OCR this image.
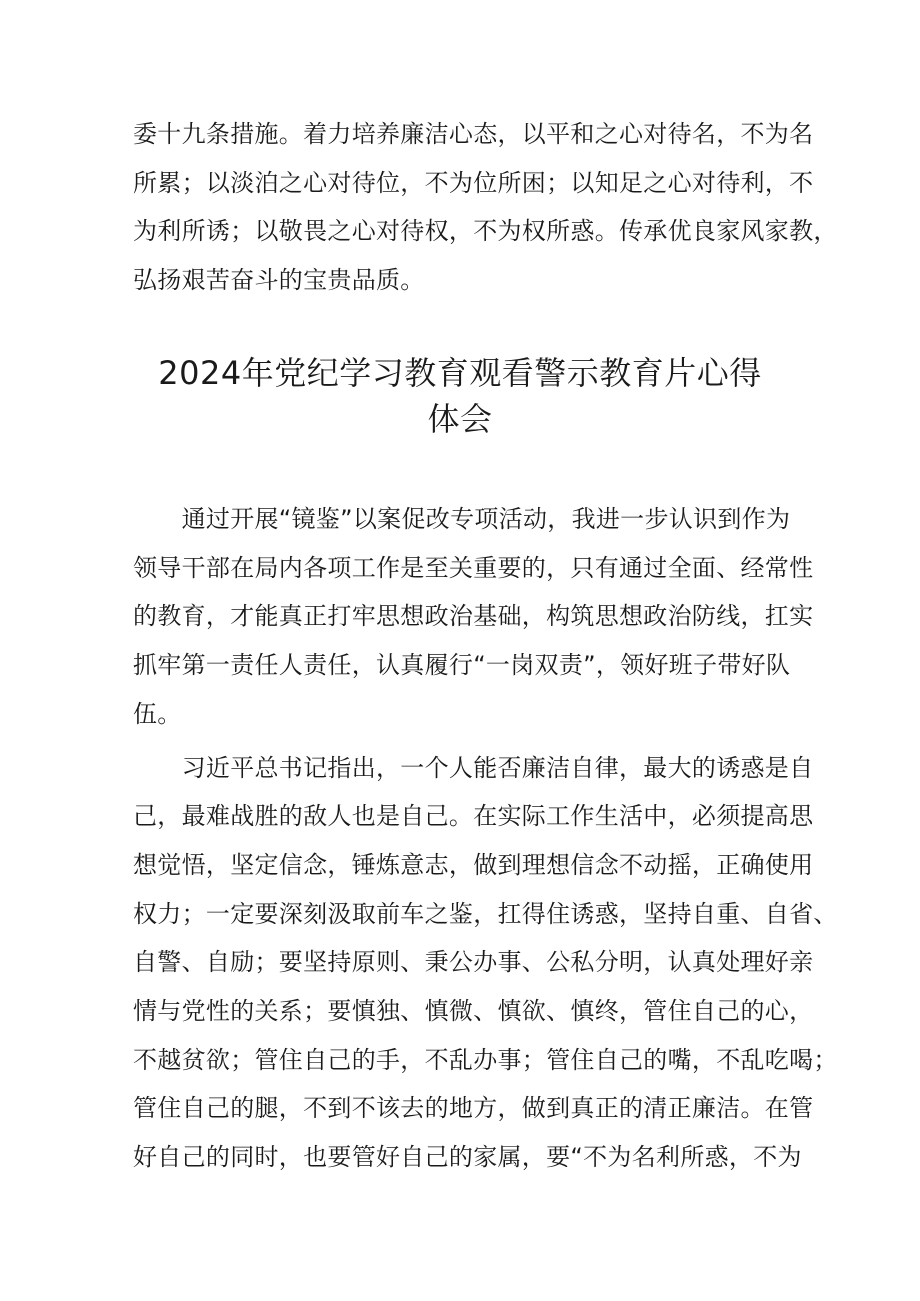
委十九条措施。着力培养廉洁心态，以平和之心对待名，不为名
所累；以淡泊之心对待位，不为位所困；以知足之心对待利，不
为利所诱；以敬畏之心对待权，不为权所惑。传承优良家风家教，
弘扬艰苦奋斗的宝贵品质。

2024年党纪学习教育观看警示教育片心得
体会

　　通过开展“镜鉴”以案促改专项活动，我进一步认识到作为
领导干部在局内各项工作是至关重要的，只有通过全面、经常性
的教育，才能真正打牢思想政治基础，构筑思想政治防线，扛实
抓牢第一责任人责任，认真履行“一岗双责”，领好班子带好队
伍。

　　习近平总书记指出，一个人能否廉洁自律，最大的诱惑是自
己，最难战胜的敌人也是自己。在实际工作生活中，必须提高思
想觉悟，坚定信念，锤炼意志，做到理想信念不动摇，正确使用
权力；一定要深刻汲取前车之鉴，扛得住诱惑，坚持自重、自省、
自警、自励；要坚持原则、秉公办事、公私分明，认真处理好亲
情与党性的关系；要慎独、慎微、慎欲、慎终，管住自己的心，
不越贫欲；管住自己的手，不乱办事；管住自己的嘴，不乱吃喝；
管住自己的腿，不到不该去的地方，做到真正的清正廉洁。在管
好自己的同时，也要管好自己的家属，要“不为名利所惑，不为
